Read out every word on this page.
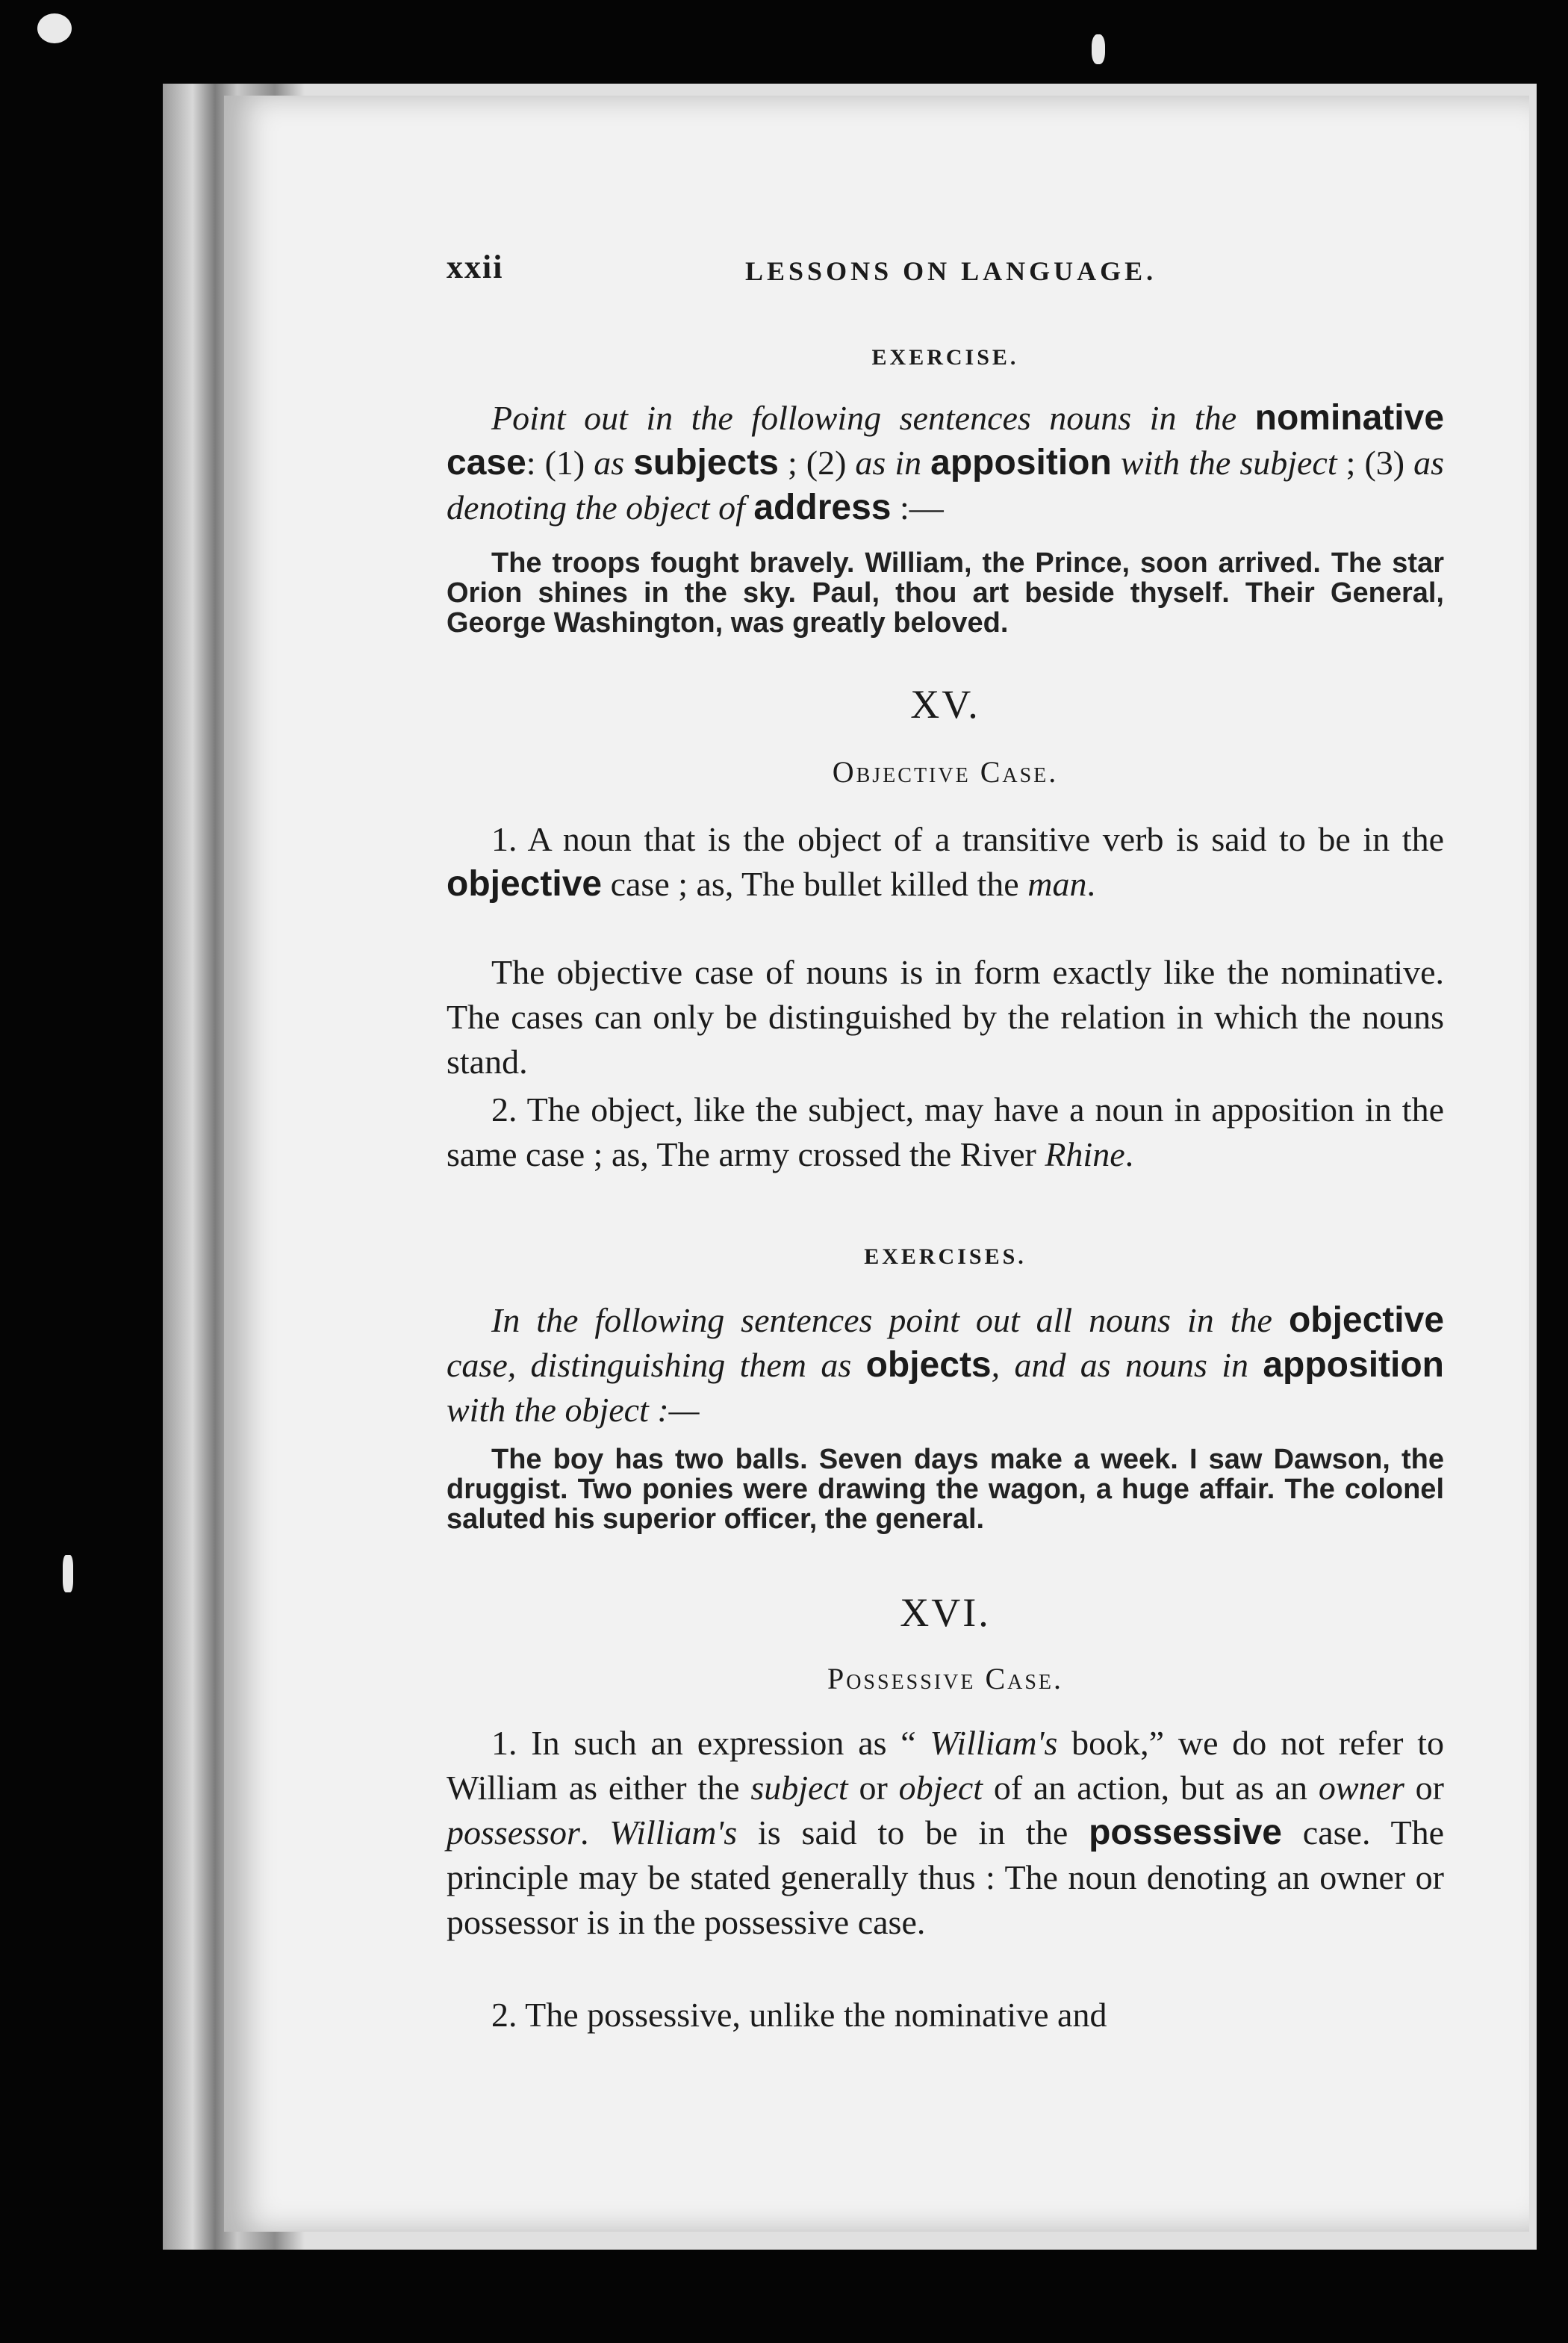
xxii	LESSONS ON LANGUAGE.
EXERCISE.

Point out in the following sentences nouns in the nominative case: (1) as subjects ; (2) as in apposition with the subject ; (3) as denoting the object of address :—

The troops fought bravely. William, the Prince, soon arrived. The star Orion shines in the sky. Paul, thou art beside thyself. Their General, George Washington, was greatly beloved.

XV.
Objective Case.

1. A noun that is the object of a transitive verb is said to be in the objective case ; as, The bullet killed the man.

The objective case of nouns is in form exactly like the nominative. The cases can only be distinguished by the relation in which the nouns stand.

2. The object, like the subject, may have a noun in apposition in the same case ; as, The army crossed the River Rhine.

EXERCISES.

In the following sentences point out all nouns in the objective case, distinguishing them as objects, and as nouns in apposition with the object :—

The boy has two balls. Seven days make a week. I saw Dawson, the druggist. Two ponies were drawing the wagon, a huge affair. The colonel saluted his superior officer, the general.

XVI.
Possessive Case.

1. In such an expression as “ William's book,” we do not refer to William as either the subject or object of an action, but as an owner or possessor. William's is said to be in the possessive case. The principle may be stated generally thus : The noun denoting an owner or possessor is in the possessive case.

2. The possessive, unlike the nominative and
